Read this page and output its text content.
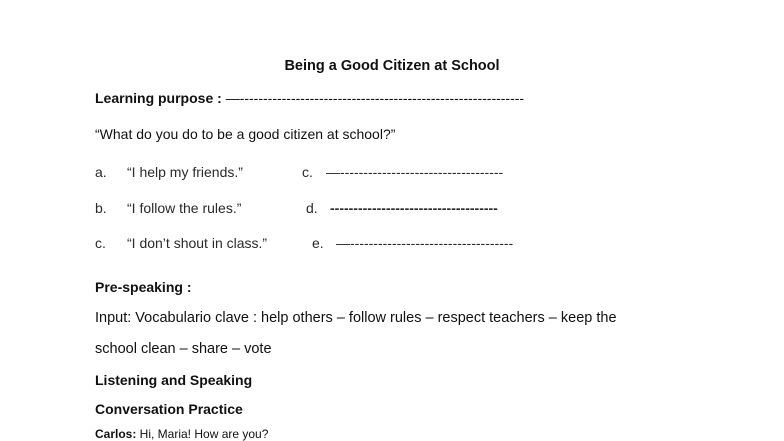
Being a Good Citizen at School
Learning purpose : —-------------------------------------------------------------
“What do you do to be a good citizen at school?”
a. “I help my friends.”
b. “I follow the rules.”
c. “I don’t shout in class.”
c. —-----------------------------------
d. ------------------------------------
e. —-----------------------------------
Pre-speaking :
Input: Vocabulario clave : help others – follow rules – respect teachers – keep the
school clean – share – vote
Listening and Speaking
Conversation Practice
Carlos: Hi, Maria! How are you?
